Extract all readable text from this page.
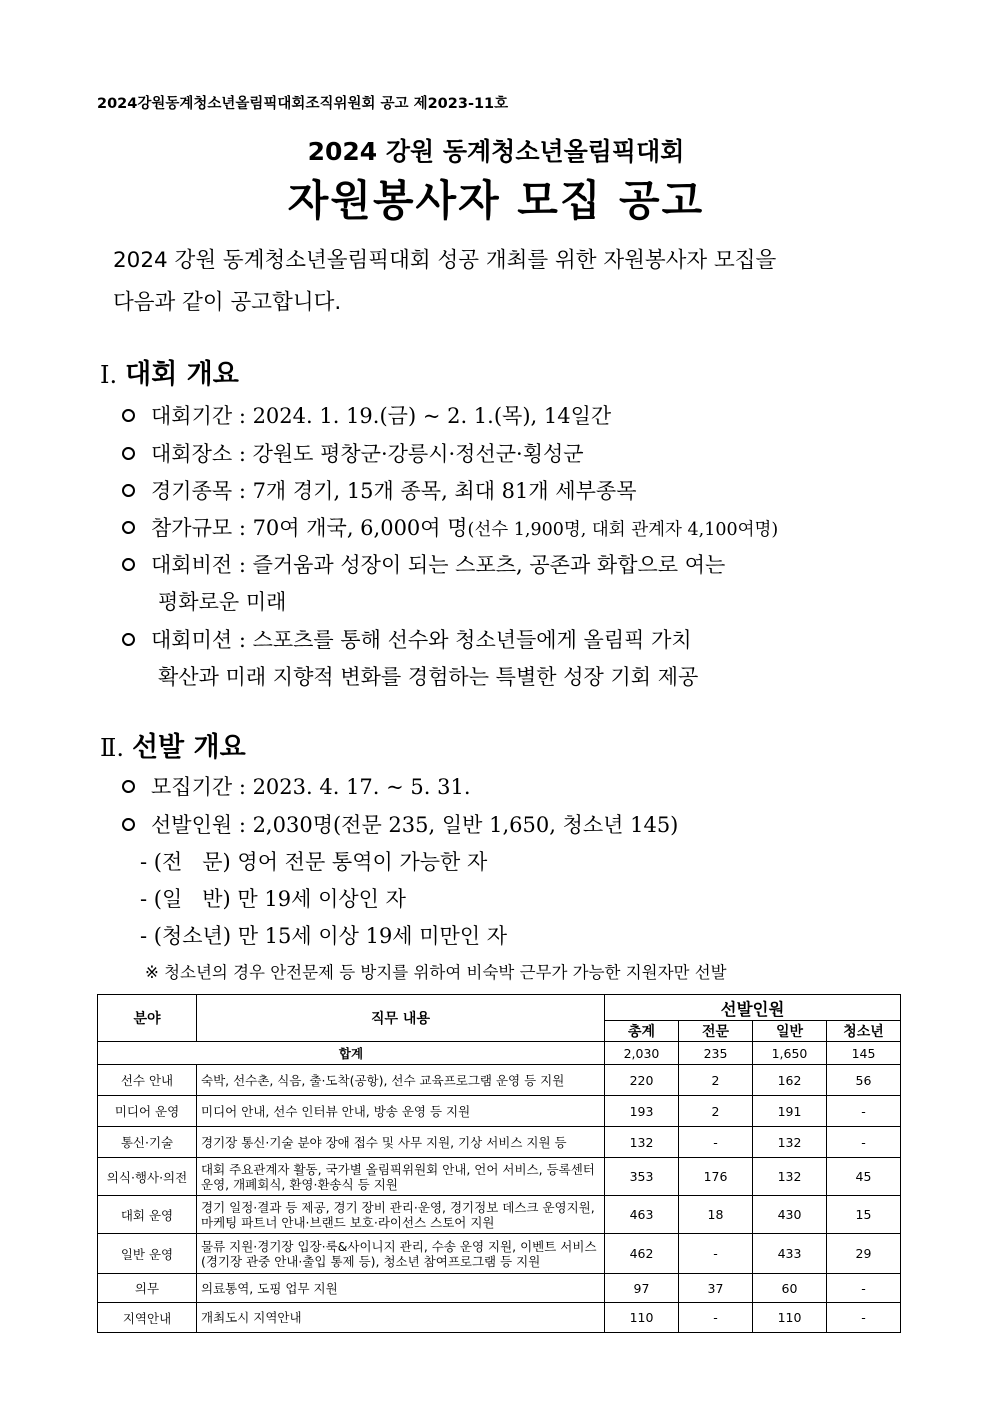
2024강원동계청소년올림픽대회조직위원회 공고 제2023-11호
2024 강원 동계청소년올림픽대회
자원봉사자 모집 공고
2024 강원 동계청소년올림픽대회 성공 개최를 위한 자원봉사자 모집을
다음과 같이 공고합니다.
Ⅰ. 대회 개요
대회기간 : 2024. 1. 19.(금) ~ 2. 1.(목), 14일간
대회장소 : 강원도 평창군·강릉시·정선군·횡성군
경기종목 : 7개 경기, 15개 종목, 최대 81개 세부종목
참가규모 : 70여 개국, 6,000여 명(선수 1,900명, 대회 관계자 4,100여명)
대회비전 : 즐거움과 성장이 되는 스포츠, 공존과 화합으로 여는
평화로운 미래
대회미션 : 스포츠를 통해 선수와 청소년들에게 올림픽 가치
확산과 미래 지향적 변화를 경험하는 특별한 성장 기회 제공
Ⅱ. 선발 개요
모집기간 : 2023. 4. 17. ~ 5. 31.
선발인원 : 2,030명(전문 235, 일반 1,650, 청소년 145)
- (전   문) 영어 전문 통역이 가능한 자
- (일   반) 만 19세 이상인 자
- (청소년) 만 15세 이상 19세 미만인 자
※ 청소년의 경우 안전문제 등 방지를 위하여 비숙박 근무가 가능한 지원자만 선발
분야	직무 내용	선발인원			
		총계	전문	일반	청소년
합계		2,030	235	1,650	145
선수 안내	숙박, 선수촌, 식음, 출·도착(공항), 선수 교육프로그램 운영 등 지원	220	2	162	56
미디어 운영	미디어 안내, 선수 인터뷰 안내, 방송 운영 등 지원	193	2	191	-
통신·기술	경기장 통신·기술 분야 장애 접수 및 사무 지원, 기상 서비스 지원 등	132	-	132	-
의식·행사·의전	대회 주요관계자 활동, 국가별 올림픽위원회 안내, 언어 서비스, 등록센터 운영, 개폐회식, 환영·환송식 등 지원	353	176	132	45
대회 운영	경기 일정·결과 등 제공, 경기 장비 관리·운영, 경기정보 데스크 운영지원, 마케팅 파트너 안내·브랜드 보호·라이선스 스토어 지원	463	18	430	15
일반 운영	물류 지원·경기장 입장·룩&사이니지 관리, 수송 운영 지원, 이벤트 서비스(경기장 관중 안내·출입 통제 등), 청소년 참여프로그램 등 지원	462	-	433	29
의무	의료통역, 도핑 업무 지원	97	37	60	-
지역안내	개최도시 지역안내	110	-	110	-
